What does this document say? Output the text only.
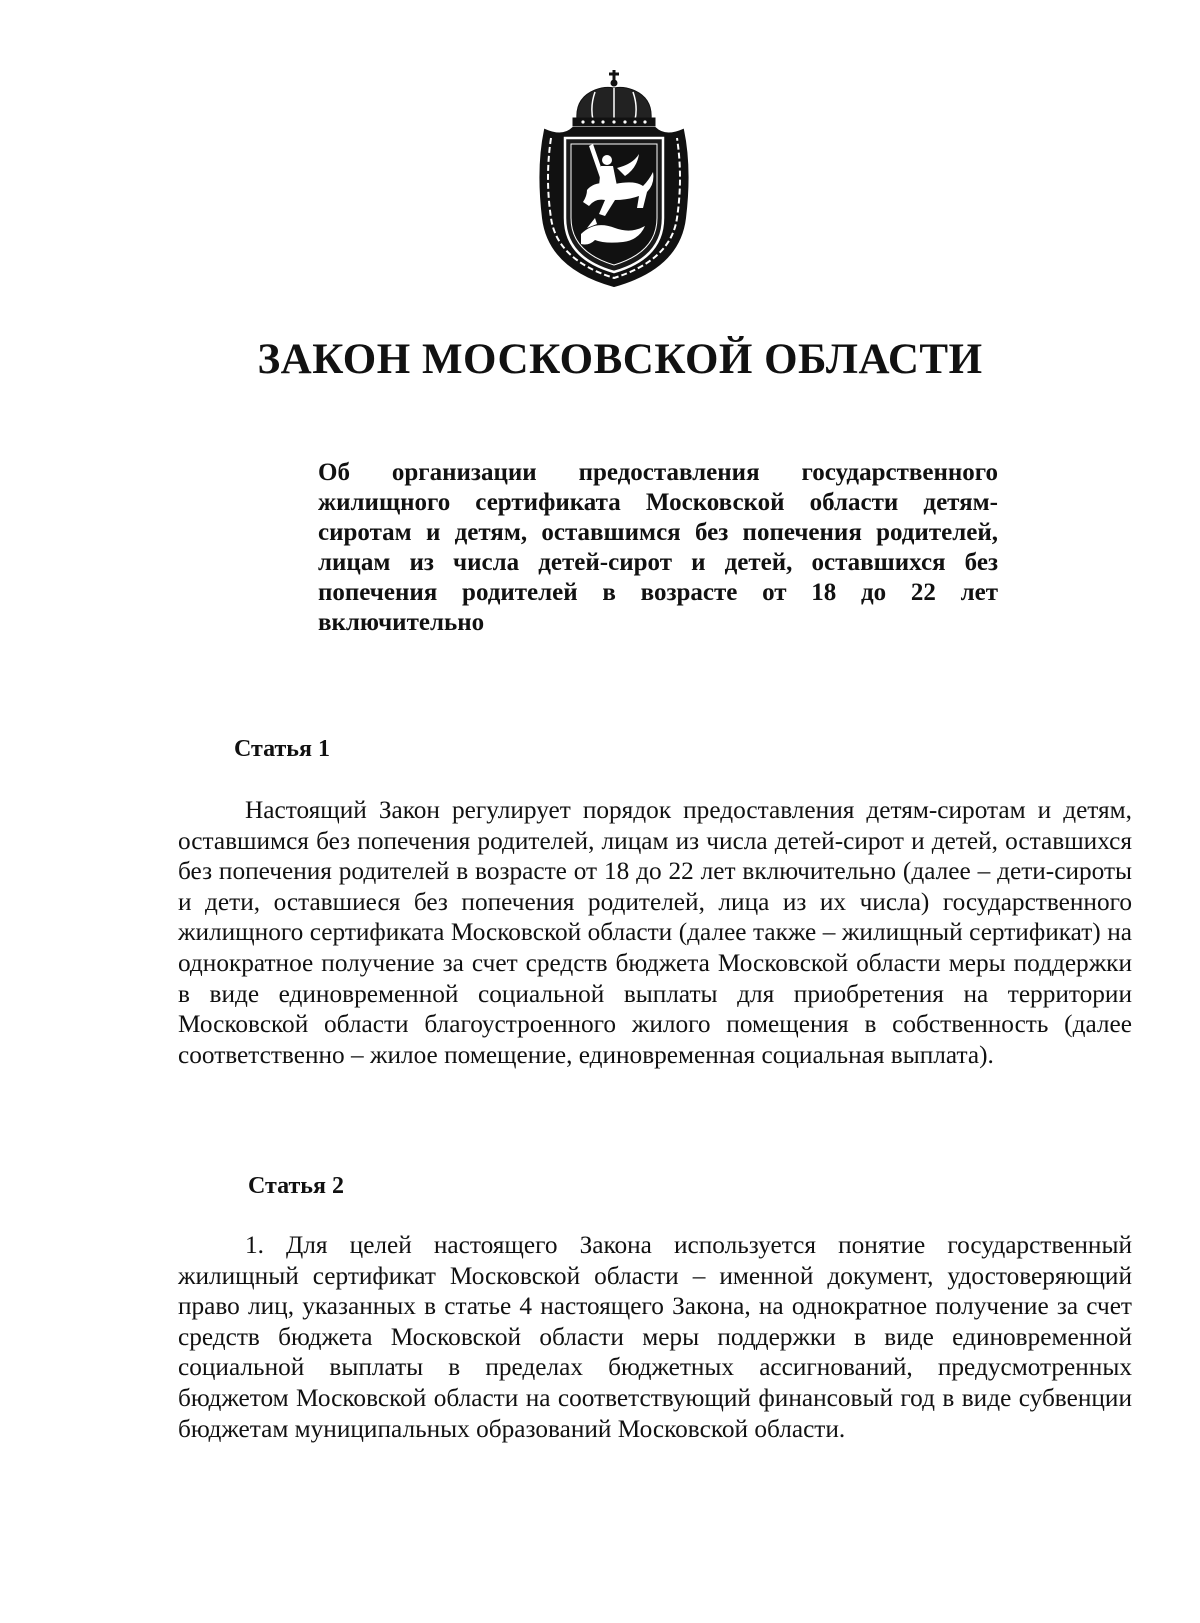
ЗАКОН МОСКОВСКОЙ ОБЛАСТИ

Об организации предоставления государственного жилищного сертификата Московской области детям-сиротам и детям, оставшимся без попечения родителей, лицам из числа детей-сирот и детей, оставшихся без попечения родителей в возрасте от 18 до 22 лет включительно

Статья 1

Настоящий Закон регулирует порядок предоставления детям-сиротам и детям, оставшимся без попечения родителей, лицам из числа детей-сирот и детей, оставшихся без попечения родителей в возрасте от 18 до 22 лет включительно (далее – дети-сироты и дети, оставшиеся без попечения родителей, лица из их числа) государственного жилищного сертификата Московской области (далее также – жилищный сертификат) на однократное получение за счет средств бюджета Московской области меры поддержки в виде единовременной социальной выплаты для приобретения на территории Московской области благоустроенного жилого помещения в собственность (далее соответственно – жилое помещение, единовременная социальная выплата).

Статья 2

1. Для целей настоящего Закона используется понятие государственный жилищный сертификат Московской области – именной документ, удостоверяющий право лиц, указанных в статье 4 настоящего Закона, на однократное получение за счет средств бюджета Московской области меры поддержки в виде единовременной социальной выплаты в пределах бюджетных ассигнований, предусмотренных бюджетом Московской области на соответствующий финансовый год в виде субвенции бюджетам муниципальных образований Московской области.
